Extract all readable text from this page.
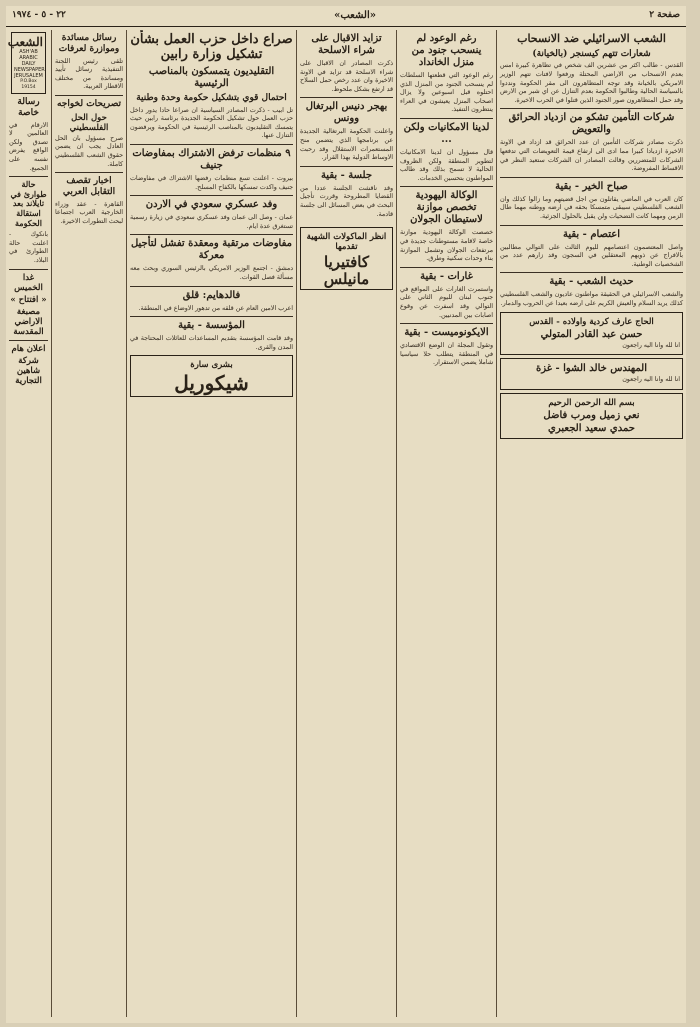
صفحة ٢
«الشعب»
٢٢ - ٥ - ١٩٧٤
الشعب الاسرائيلي ضد الانسحاب
شعارات تتهم كيسنجر (بالخيانة)
القدس - طالب اكثر من عشرين الف شخص في تظاهرة كبيرة امس بعدم الانسحاب من الاراضي المحتلة ورفعوا لافتات تتهم الوزير الامريكي بالخيانة وقد توجه المتظاهرون الى مقر الحكومة ونددوا بالسياسة الحالية وطالبوا الحكومة بعدم التنازل عن اي شبر من الارض وقد حمل المتظاهرون صور الجنود الذين قتلوا في الحرب الاخيرة.
شركات التأمين تشكو من ازدياد الحرائق والتعويض
ذكرت مصادر شركات التأمين ان عدد الحرائق قد ازداد في الاونة الاخيرة ازديادا كبيرا مما ادى الى ارتفاع قيمة التعويضات التي تدفعها الشركات للمتضررين وقالت المصادر ان الشركات ستعيد النظر في الاقساط المفروضة.
صباح الخير - بقية
كان العرب في الماضي يقاتلون من اجل قضيتهم وما زالوا كذلك وان الشعب الفلسطيني سيبقى متمسكا بحقه في ارضه ووطنه مهما طال الزمن ومهما كانت التضحيات ولن يقبل بالحلول الجزئية.
اعتصام - بقية
واصل المعتصمون اعتصامهم لليوم الثالث على التوالي مطالبين بالافراج عن ذويهم المعتقلين في السجون وقد زارهم عدد من الشخصيات الوطنية.
حديث الشعب - بقية
والشعب الاسرائيلي في الحقيقة مواطنون عاديون والشعب الفلسطيني كذلك يريد السلام والعيش الكريم على ارضه بعيدا عن الحروب والدمار.
الحاج عارف كردية واولاده - القدس
حسن عبد القادر المتولي
انا لله وانا اليه راجعون
المهندس خالد الشوا - غزة
انا لله وانا اليه راجعون
بسم الله الرحمن الرحيم
نعي زميل ومرب فاضل
حمدي سعيد الجعبري
رغم الوعود لم ينسحب جنود من منزل الخانداد
رغم الوعود التي قطعتها السلطات لم ينسحب الجنود من المنزل الذي احتلوه قبل اسبوعين ولا يزال اصحاب المنزل يعيشون في العراء ينتظرون التنفيذ.
لدينا الامكانيات ولكن ...
قال مسؤول ان لدينا الامكانيات لتطوير المنطقة ولكن الظروف الحالية لا تسمح بذلك وقد طالب المواطنون بتحسين الخدمات.
الوكالة اليهودية تخصص موازنة لاستيطان الجولان
خصصت الوكالة اليهودية موازنة خاصة لاقامة مستوطنات جديدة في مرتفعات الجولان وتشمل الموازنة بناء وحدات سكنية وطرق.
غارات - بقية
واستمرت الغارات على المواقع في جنوب لبنان لليوم الثاني على التوالي وقد اسفرت عن وقوع اصابات بين المدنيين.
الايكونوميست - بقية
وتقول المجلة ان الوضع الاقتصادي في المنطقة يتطلب حلا سياسيا شاملا يضمن الاستقرار.
تزايد الاقبال على شراء الاسلحة
ذكرت المصادر ان الاقبال على شراء الاسلحة قد تزايد في الاونة الاخيرة وان عدد رخص حمل السلاح قد ارتفع بشكل ملحوظ.
بهجر دنيس البرتغال وونس
واعلنت الحكومة البرتغالية الجديدة عن برنامجها الذي يتضمن منح المستعمرات الاستقلال وقد رحبت الاوساط الدولية بهذا القرار.
جلسة - بقية
وقد ناقشت الجلسة عددا من القضايا المطروحة وقررت تأجيل البحث في بعض المسائل الى جلسة قادمة.
انظر الماكولات الشهية تقدمها
كافتيريا مانيلس
صراع داخل حزب العمل بشأن تشكيل وزارة رابين
التقليديون يتمسكون بالمناصب الرئيسية
احتمال قوي بتشكيل حكومة وحدة وطنية
تل ابيب - ذكرت المصادر السياسية ان صراعا حادا يدور داخل حزب العمل حول تشكيل الحكومة الجديدة برئاسة رابين حيث يتمسك التقليديون بالمناصب الرئيسية في الحكومة ويرفضون التنازل عنها.
٩ منظمات ترفض الاشتراك بمفاوضات جنيف
بيروت - اعلنت تسع منظمات رفضها الاشتراك في مفاوضات جنيف واكدت تمسكها بالكفاح المسلح.
وفد عسكري سعودي في الاردن
عمان - وصل الى عمان وفد عسكري سعودي في زيارة رسمية تستغرق عدة ايام.
مفاوضات مرتقبة ومعقدة تفشل لتأجيل معركة
دمشق - اجتمع الوزير الامريكي بالرئيس السوري وبحث معه مسألة فصل القوات.
فالدهايم: قلق
اعرب الامين العام عن قلقه من تدهور الاوضاع في المنطقة.
المؤسسة - بقية
وقد قامت المؤسسة بتقديم المساعدات للعائلات المحتاجة في المدن والقرى.
بشرى سارة
شيكوريل
رسائل مسائدة وموازرة لعرفات
تلقى رئيس اللجنة التنفيذية رسائل تأييد ومساندة من مختلف الاقطار العربية.
تصريحات لخواجه
حول الحل الفلسطيني
صرح مسؤول بان الحل العادل يجب ان يضمن حقوق الشعب الفلسطيني كاملة.
اخبار تقصف التقابل العربي
القاهرة - عقد وزراء الخارجية العرب اجتماعا لبحث التطورات الاخيرة.
الشعب
ASH'AB
ARABIC DAILY
NEWSPAPER
JERUSALEM
P.O.Box 19154
رسالة خاصة
الارقام في العالمين لا تصدق ولكن الواقع يفرض نفسه على الجميع.
حالة طوارئ في تايلاند بعد استقالة الحكومة
بانكوك - اعلنت حالة الطوارئ في البلاد.
غدا الخميس
« افتتاح »
مصبغة الاراضي المقدسة
اعلان هام
شركة شاهين التجارية
